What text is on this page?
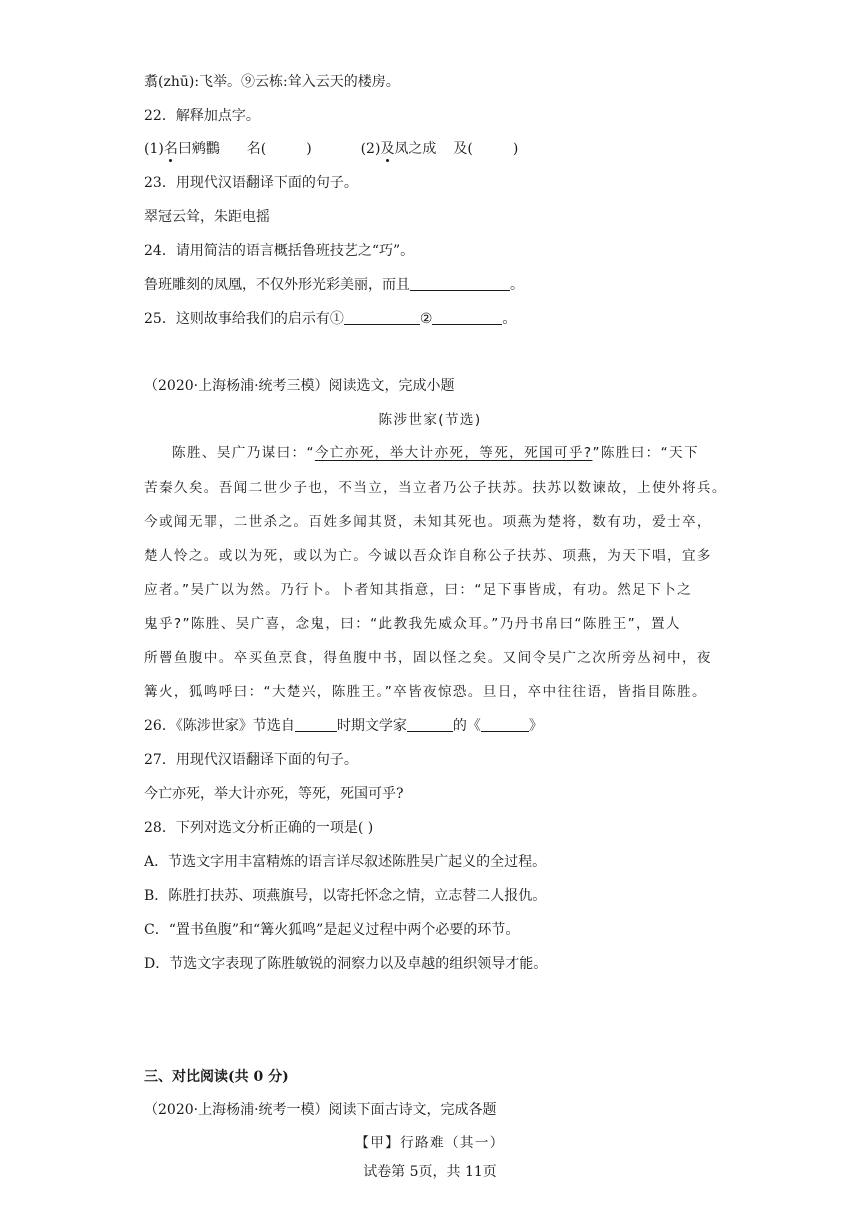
翥(zhū):飞举。⑨云栋:耸入云天的楼房。
22．解释加点字。
(1)名曰鹓鸜 名(	)	(2)及凤之成 及(	)
23．用现代汉语翻译下面的句子。
翠冠云耸，朱距电摇
24．请用简洁的语言概括鲁班技艺之“巧”。
鲁班雕刻的凤凰，不仅外形光彩美丽，而且	。
25．这则故事给我们的启示有①	②	。
（2020·上海杨浦·统考三模）阅读选文，完成小题
陈涉世家(节选)
陈胜、吴广乃谋曰：“今亡亦死，举大计亦死，等死，死国可乎?”陈胜曰：“天下
苦秦久矣。吾闻二世少子也，不当立，当立者乃公子扶苏。扶苏以数谏故，上使外将兵。
今或闻无罪，二世杀之。百姓多闻其贤，未知其死也。项燕为楚将，数有功，爱士卒，
楚人怜之。或以为死，或以为亡。今诚以吾众诈自称公子扶苏、项燕，为天下唱，宜多
应者。”吴广以为然。乃行卜。卜者知其指意，曰：“足下事皆成，有功。然足下卜之
鬼乎?”陈胜、吴广喜，念鬼，曰：“此教我先威众耳。”乃丹书帛曰“陈胜王”，置人
所罾鱼腹中。卒买鱼烹食，得鱼腹中书，固以怪之矣。又间令吴广之次所旁丛祠中，夜
篝火，狐鸣呼曰：“大楚兴，陈胜王。”卒皆夜惊恐。旦日，卒中往往语，皆指目陈胜。
26．《陈涉世家》节选自	时期文学家	的《	》
27．用现代汉语翻译下面的句子。
今亡亦死，举大计亦死，等死，死国可乎?
28．下列对选文分析正确的一项是( )
A．节选文字用丰富精炼的语言详尽叙述陈胜吴广起义的全过程。
B．陈胜打扶苏、项燕旗号，以寄托怀念之情，立志替二人报仇。
C．“置书鱼腹”和“篝火狐鸣”是起义过程中两个必要的环节。
D．节选文字表现了陈胜敏锐的洞察力以及卓越的组织领导才能。
三、对比阅读(共 0 分)
（2020·上海杨浦·统考一模）阅读下面古诗文，完成各题
【甲】行路难（其一）
试卷第 5页，共 11页
